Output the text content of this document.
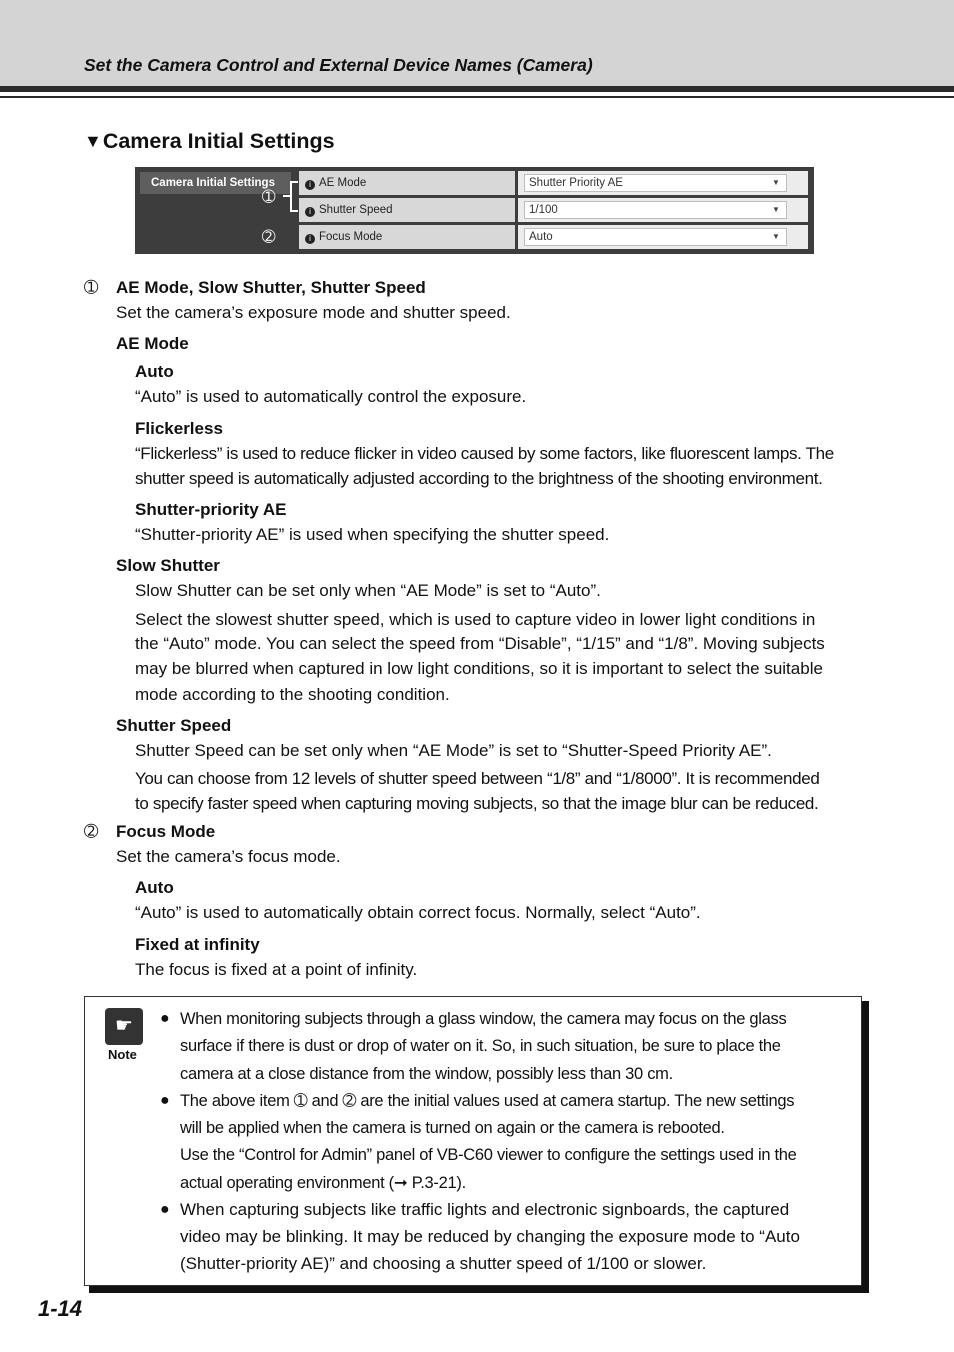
Set the Camera Control and External Device Names (Camera)
▼Camera Initial Settings
Camera Initial Settings
➀
➁
i AE Mode	Shutter Priority AE	▼
i Shutter Speed	1/100	▼
i Focus Mode	Auto	▼
➀ AE Mode, Slow Shutter, Shutter Speed
Set the camera’s exposure mode and shutter speed.
AE Mode
Auto
“Auto” is used to automatically control the exposure.
Flickerless
“Flickerless” is used to reduce flicker in video caused by some factors, like fluorescent lamps. The
shutter speed is automatically adjusted according to the brightness of the shooting environment.
Shutter-priority AE
“Shutter-priority AE” is used when specifying the shutter speed.
Slow Shutter
Slow Shutter can be set only when “AE Mode” is set to “Auto”.
Select the slowest shutter speed, which is used to capture video in lower light conditions in
the “Auto” mode. You can select the speed from “Disable”, “1/15” and “1/8”. Moving subjects
may be blurred when captured in low light conditions, so it is important to select the suitable
mode according to the shooting condition.
Shutter Speed
Shutter Speed can be set only when “AE Mode” is set to “Shutter-Speed Priority AE”.
You can choose from 12 levels of shutter speed between “1/8” and “1/8000”. It is recommended
to specify faster speed when capturing moving subjects, so that the image blur can be reduced.
➁ Focus Mode
Set the camera’s focus mode.
Auto
“Auto” is used to automatically obtain correct focus. Normally, select “Auto”.
Fixed at infinity
The focus is fixed at a point of infinity.
☛
Note
● When monitoring subjects through a glass window, the camera may focus on the glass
surface if there is dust or drop of water on it. So, in such situation, be sure to place the
camera at a close distance from the window, possibly less than 30 cm.
● The above item ➀ and ➁ are the initial values used at camera startup. The new settings
will be applied when the camera is turned on again or the camera is rebooted.
Use the “Control for Admin” panel of VB-C60 viewer to configure the settings used in the
actual operating environment (➞ P.3-21).
● When capturing subjects like traffic lights and electronic signboards, the captured
video may be blinking. It may be reduced by changing the exposure mode to “Auto
(Shutter-priority AE)” and choosing a shutter speed of 1/100 or slower.
1-14
